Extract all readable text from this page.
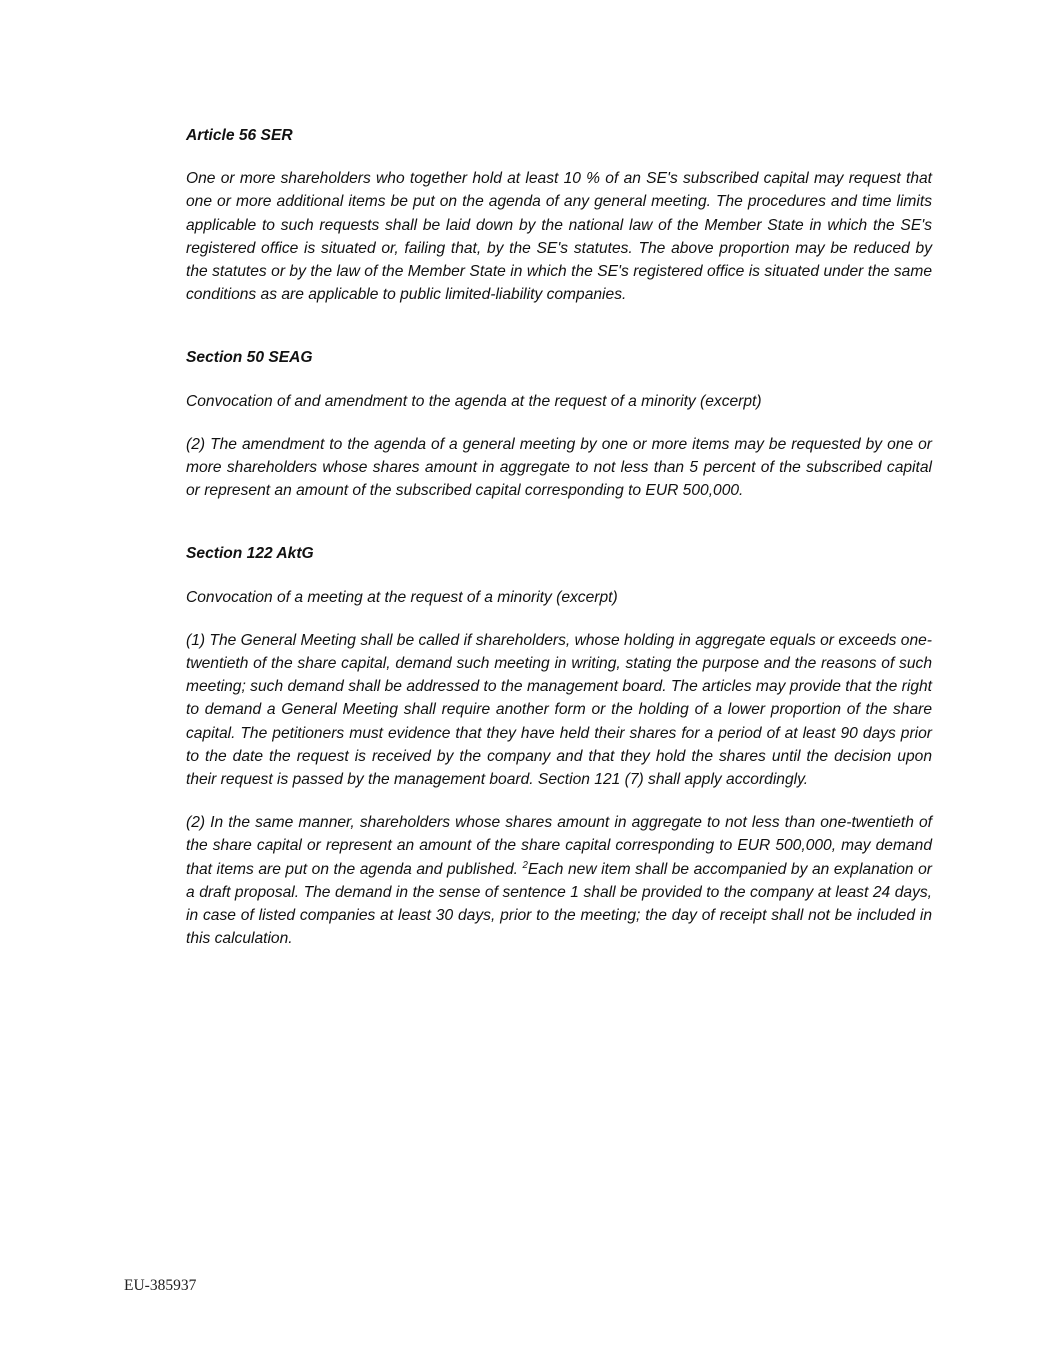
Article 56 SER
One or more shareholders who together hold at least 10 % of an SE's subscribed capital may request that one or more additional items be put on the agenda of any general meeting. The procedures and time limits applicable to such requests shall be laid down by the national law of the Member State in which the SE's registered office is situated or, failing that, by the SE's statutes. The above proportion may be reduced by the statutes or by the law of the Member State in which the SE's registered office is situated under the same conditions as are applicable to public limited-liability companies.
Section 50 SEAG
Convocation of and amendment to the agenda at the request of a minority (excerpt)
(2) The amendment to the agenda of a general meeting by one or more items may be requested by one or more shareholders whose shares amount in aggregate to not less than 5 percent of the subscribed capital or represent an amount of the subscribed capital corresponding to EUR 500,000.
Section 122 AktG
Convocation of a meeting at the request of a minority (excerpt)
(1) The General Meeting shall be called if shareholders, whose holding in aggregate equals or exceeds one-twentieth of the share capital, demand such meeting in writing, stating the purpose and the reasons of such meeting; such demand shall be addressed to the management board. The articles may provide that the right to demand a General Meeting shall require another form or the holding of a lower proportion of the share capital. The petitioners must evidence that they have held their shares for a period of at least 90 days prior to the date the request is received by the company and that they hold the shares until the decision upon their request is passed by the management board. Section 121 (7) shall apply accordingly.
(2) In the same manner, shareholders whose shares amount in aggregate to not less than one-twentieth of the share capital or represent an amount of the share capital corresponding to EUR 500,000, may demand that items are put on the agenda and published. $^2$Each new item shall be accompanied by an explanation or a draft proposal. The demand in the sense of sentence 1 shall be provided to the company at least 24 days, in case of listed companies at least 30 days, prior to the meeting; the day of receipt shall not be included in this calculation.
EU-385937
